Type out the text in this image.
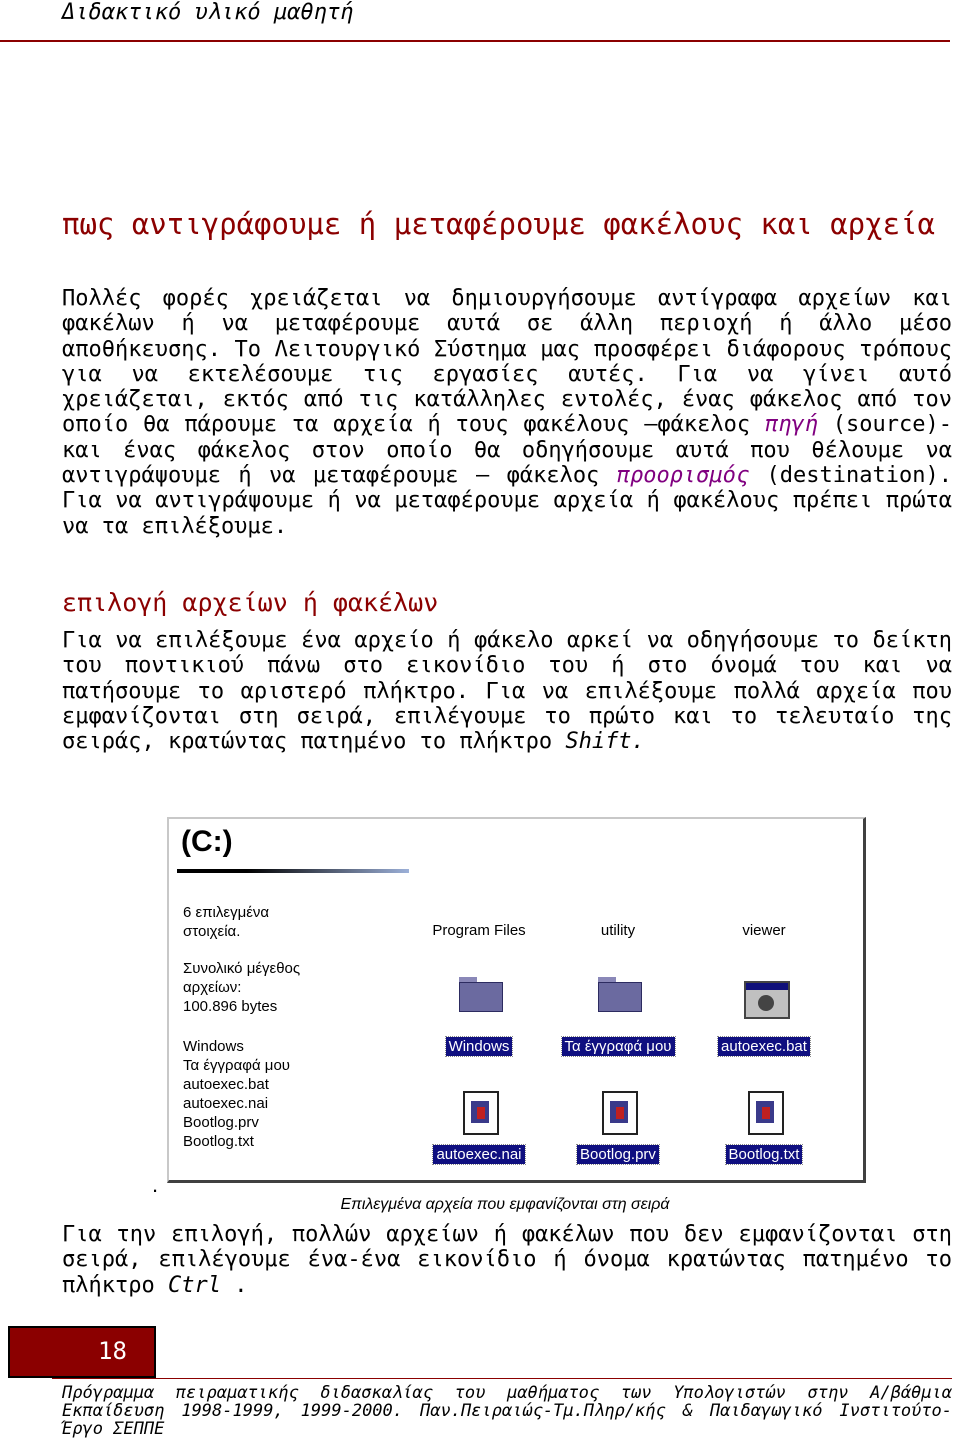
Διδακτικό υλικό μαθητή
πως αντιγράφουμε ή μεταφέρουμε φακέλους και αρχεία

Πολλές φορές χρειάζεται να δημιουργήσουμε αντίγραφα αρχείων και φακέλων ή να μεταφέρουμε αυτά σε άλλη περιοχή ή άλλο μέσο αποθήκευσης. Το Λειτουργικό Σύστημα μας προσφέρει διάφορους τρόπους για να εκτελέσουμε τις εργασίες αυτές. Για να γίνει αυτό χρειάζεται, εκτός από τις κατάλληλες εντολές, ένας φάκελος από τον οποίο θα πάρουμε τα αρχεία ή τους φακέλους –φάκελος πηγή (source)- και ένας φάκελος στον οποίο θα οδηγήσουμε αυτά που θέλουμε να αντιγράψουμε ή να μεταφέρουμε – φάκελος προορισμός (destination). Για να αντιγράψουμε ή να μεταφέρουμε αρχεία ή φακέλους πρέπει πρώτα να τα επιλέξουμε.

επιλογή αρχείων ή φακέλων

Για να επιλέξουμε ένα αρχείο ή φάκελο αρκεί να οδηγήσουμε το δείκτη του ποντικιού πάνω στο εικονίδιο του ή στο όνομά του και να πατήσουμε το αριστερό πλήκτρο. Για να επιλέξουμε πολλά αρχεία που εμφανίζονται στη σειρά, επιλέγουμε το πρώτο και το τελευταίο της σειράς, κρατώντας πατημένο το πλήκτρο Shift.

(C:)
6 επιλεγμένα
στοιχεία.
Συνολικό μέγεθος
αρχείων:
100.896 bytes
Windows
Τα έγγραφά μου
autoexec.bat
autoexec.nai
Bootlog.prv
Bootlog.txt
Program Files	utility	viewer
Windows	Τα έγγραφά μου	autoexec.bat
autoexec.nai	Bootlog.prv	Bootlog.txt
.
Επιλεγμένα αρχεία που εμφανίζονται στη σειρά

Για την επιλογή, πολλών αρχείων ή φακέλων που δεν εμφανίζονται στη σειρά, επιλέγουμε ένα-ένα εικονίδιο ή όνομα κρατώντας πατημένο το πλήκτρο Ctrl .

18
Πρόγραμμα πειραματικής διδασκαλίας του μαθήματος των Υπολογιστών στην Α/βάθμια Εκπαίδευση 1998-1999, 1999-2000. Παν.Πειραιώς-Τμ.Πληρ/κής & Παιδαγωγικό Ινστιτούτο-Έργο ΣΕΠΠΕ
